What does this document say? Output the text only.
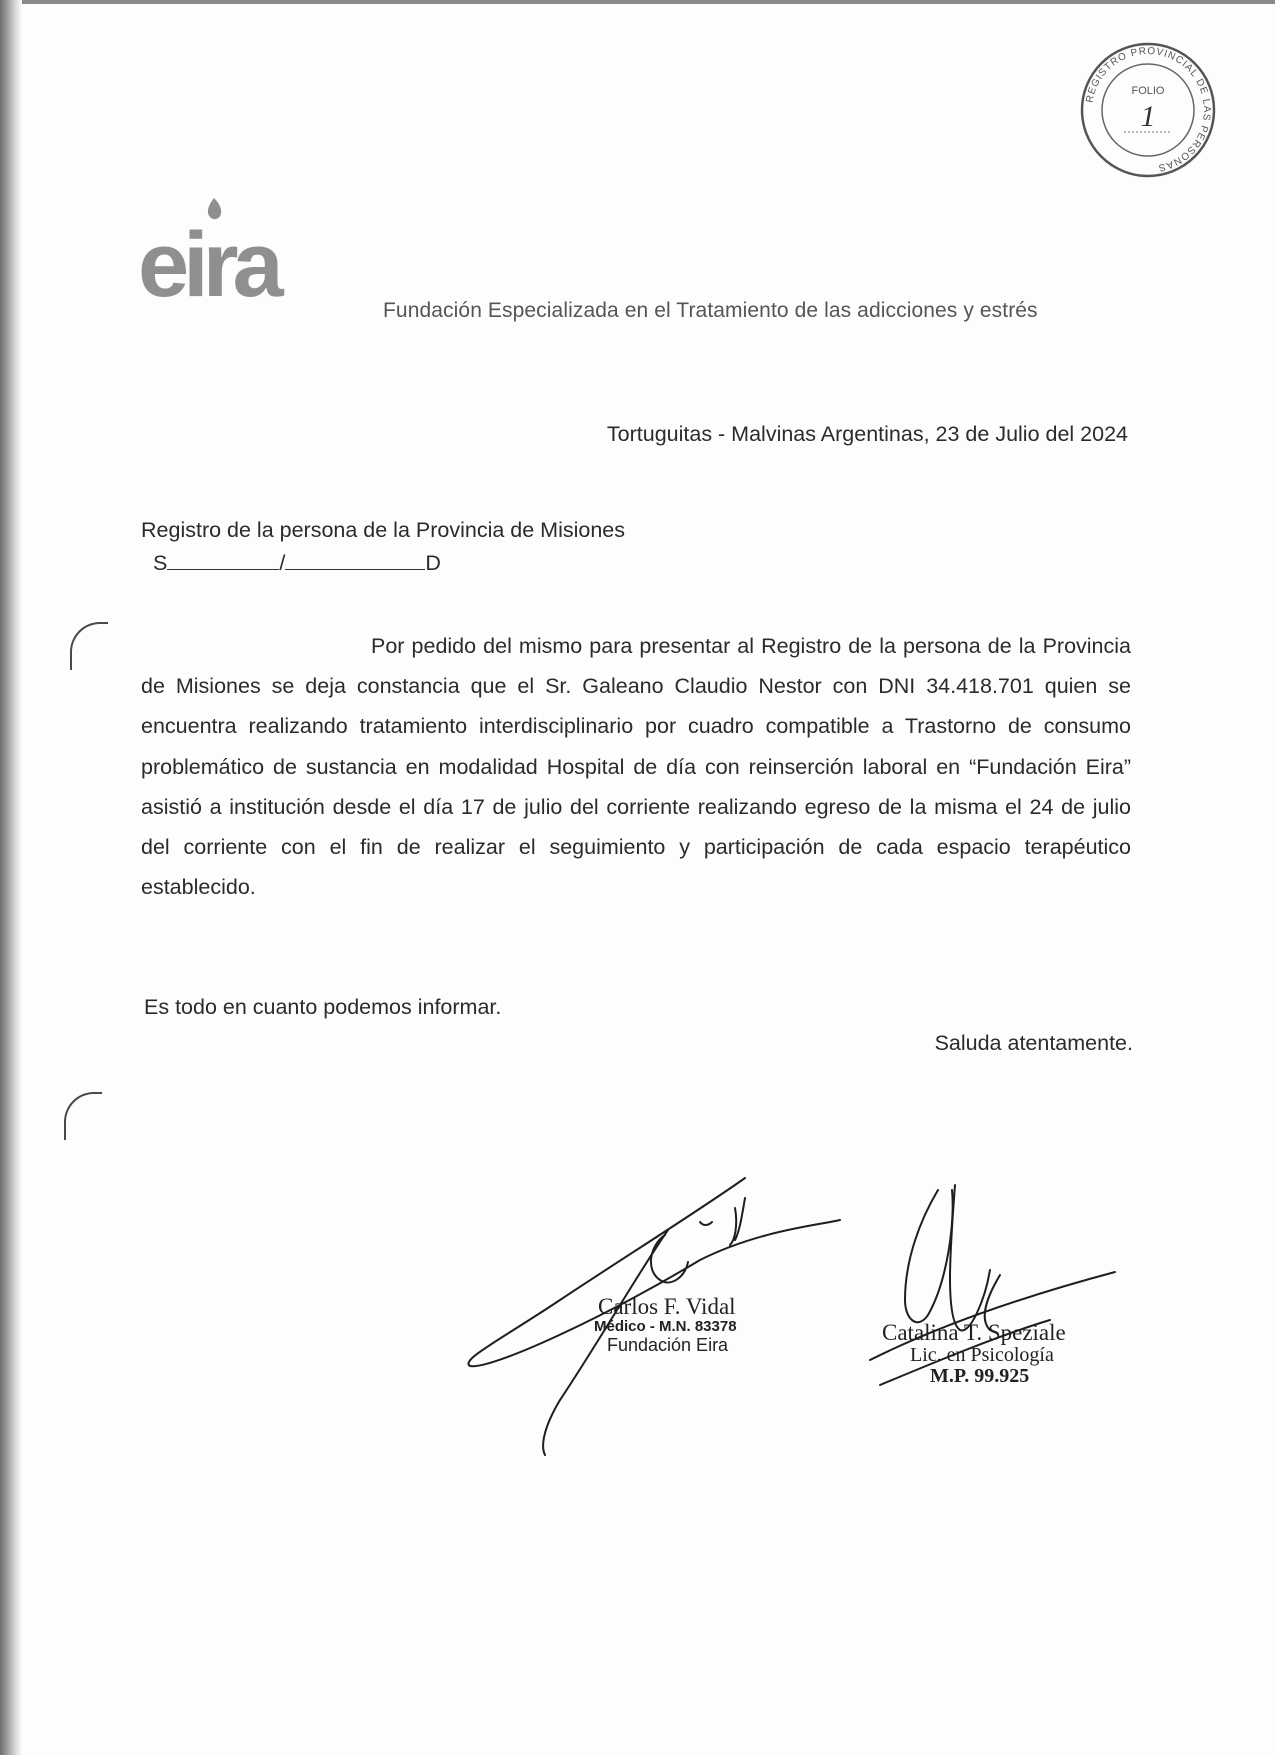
eira	Fundación Especializada en el Tratamiento de las adicciones y estrés
REGISTRO PROVINCIAL DE LAS PERSONAS
FOLIO
1
Tortuguitas - Malvinas Argentinas, 23 de Julio del 2024
Registro de la persona de la Provincia de Misiones
S	/	D
Por pedido del mismo para presentar al Registro de la persona de la Provincia de Misiones se deja constancia que el Sr. Galeano Claudio Nestor con DNI 34.418.701 quien se encuentra realizando tratamiento interdisciplinario por cuadro compatible a Trastorno de consumo problemático de sustancia en modalidad Hospital de día con reinserción laboral en “Fundación Eira” asistió a institución desde el día 17 de julio del corriente realizando egreso de la misma el 24 de julio del corriente con el fin de realizar el seguimiento y participación de cada espacio terapéutico establecido.
Es todo en cuanto podemos informar.
Saluda atentamente.
Carlos F. Vidal
Médico - M.N. 83378
Fundación Eira	Catalina T. Speziale
Lic. en Psicología
M.P. 99.925
